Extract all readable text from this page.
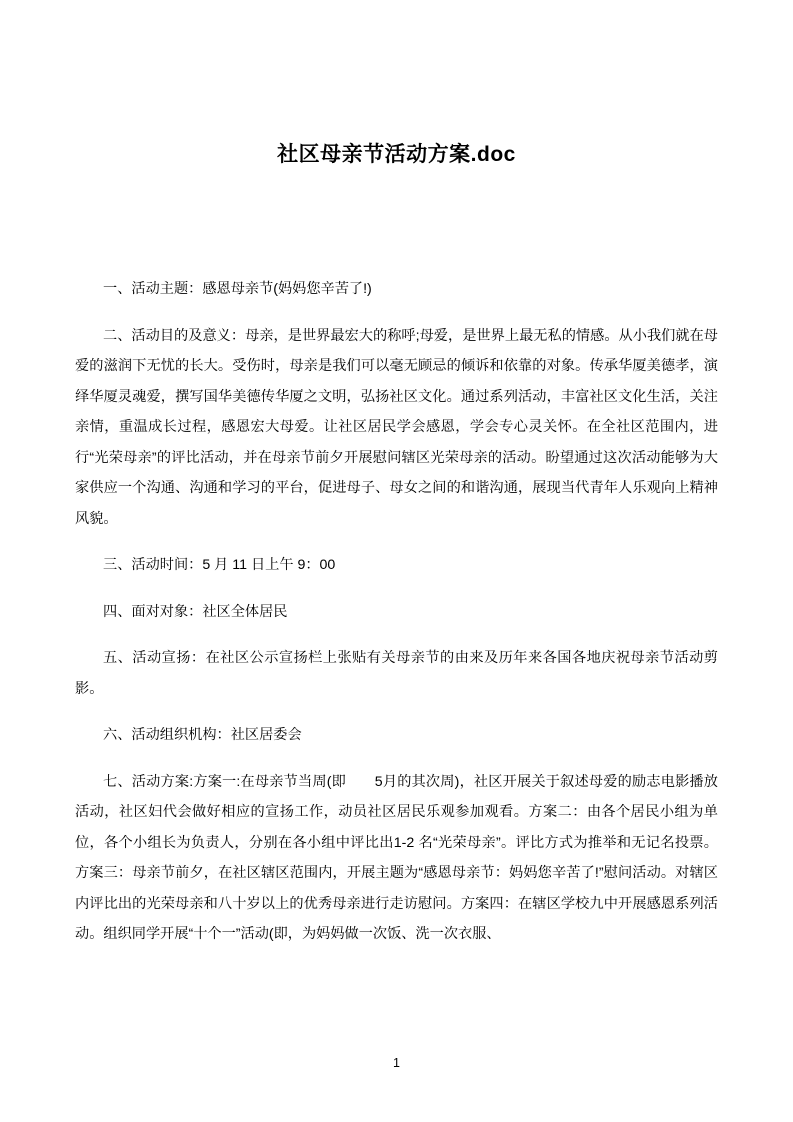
社区母亲节活动方案.doc

一、活动主题：感恩母亲节(妈妈您辛苦了!)

二、活动目的及意义：母亲，是世界最宏大的称呼;母爱，是世界上最无私的情感。从小我们就在母爱的滋润下无忧的长大。受伤时，母亲是我们可以毫无顾忌的倾诉和依靠的对象。传承华厦美德孝，演绎华厦灵魂爱，撰写国华美德传华厦之文明，弘扬社区文化。通过系列活动，丰富社区文化生活，关注亲情，重温成长过程，感恩宏大母爱。让社区居民学会感恩，学会专心灵关怀。在全社区范围内，进行“光荣母亲”的评比活动，并在母亲节前夕开展慰问辖区光荣母亲的活动。盼望通过这次活动能够为大家供应一个沟通、沟通和学习的平台，促进母子、母女之间的和谐沟通，展现当代青年人乐观向上精神风貌。

三、活动时间：5 月 11 日上午 9：00

四、面对对象：社区全体居民

五、活动宣扬：在社区公示宣扬栏上张贴有关母亲节的由来及历年来各国各地庆祝母亲节活动剪影。

六、活动组织机构：社区居委会

七、活动方案:方案一:在母亲节当周(即　　5月的其次周)，社区开展关于叙述母爱的励志电影播放活动，社区妇代会做好相应的宣扬工作，动员社区居民乐观参加观看。方案二：由各个居民小组为单位，各个小组长为负责人，分别在各小组中评比出1-2 名“光荣母亲”。评比方式为推举和无记名投票。方案三：母亲节前夕，在社区辖区范围内，开展主题为“感恩母亲节：妈妈您辛苦了!”慰问活动。对辖区内评比出的光荣母亲和八十岁以上的优秀母亲进行走访慰问。方案四：在辖区学校九中开展感恩系列活动。组织同学开展“十个一”活动(即，为妈妈做一次饭、洗一次衣服、

1
